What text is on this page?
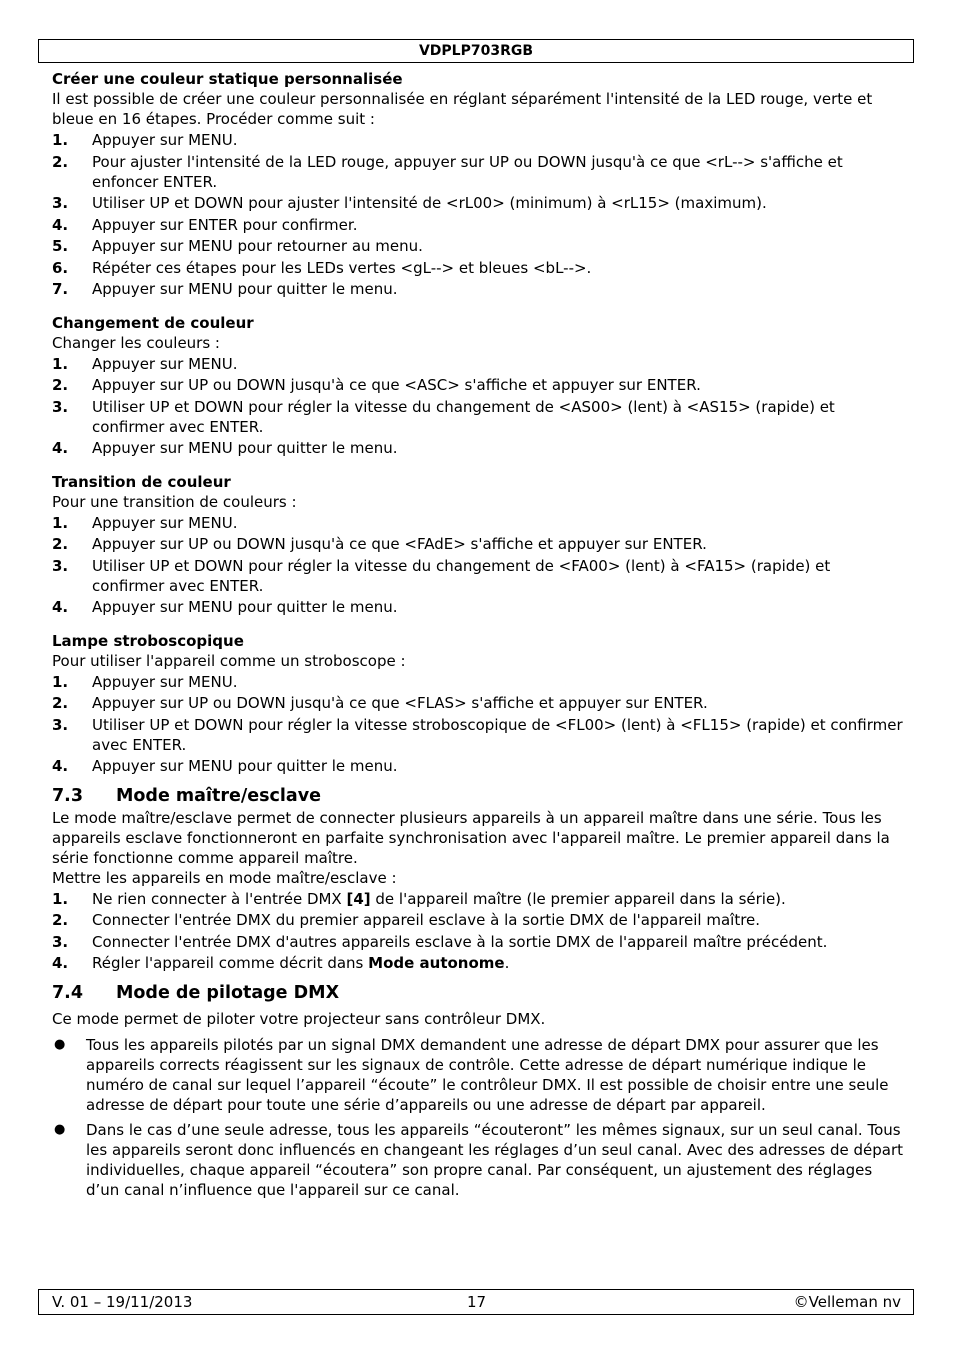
VDPLP703RGB

Créer une couleur statique personnalisée

Il est possible de créer une couleur personnalisée en réglant séparément l'intensité de la LED rouge, verte et bleue en 16 étapes. Procéder comme suit :

1.	Appuyer sur MENU.
2.	Pour ajuster l'intensité de la LED rouge, appuyer sur UP ou DOWN jusqu'à ce que <rL--> s'affiche et enfoncer ENTER.
3.	Utiliser UP et DOWN pour ajuster l'intensité de <rL00> (minimum) à <rL15> (maximum).
4.	Appuyer sur ENTER pour confirmer.
5.	Appuyer sur MENU pour retourner au menu.
6.	Répéter ces étapes pour les LEDs vertes <gL--> et bleues <bL-->.
7.	Appuyer sur MENU pour quitter le menu.

Changement de couleur

Changer les couleurs :

1.	Appuyer sur MENU.
2.	Appuyer sur UP ou DOWN jusqu'à ce que <ASC> s'affiche et appuyer sur ENTER.
3.	Utiliser UP et DOWN pour régler la vitesse du changement de <AS00> (lent) à <AS15> (rapide) et confirmer avec ENTER.
4.	Appuyer sur MENU pour quitter le menu.

Transition de couleur

Pour une transition de couleurs :

1.	Appuyer sur MENU.
2.	Appuyer sur UP ou DOWN jusqu'à ce que <FAdE> s'affiche et appuyer sur ENTER.
3.	Utiliser UP et DOWN pour régler la vitesse du changement de <FA00> (lent) à <FA15> (rapide) et confirmer avec ENTER.
4.	Appuyer sur MENU pour quitter le menu.

Lampe stroboscopique

Pour utiliser l'appareil comme un stroboscope :

1.	Appuyer sur MENU.
2.	Appuyer sur UP ou DOWN jusqu'à ce que <FLAS> s'affiche et appuyer sur ENTER.
3.	Utiliser UP et DOWN pour régler la vitesse stroboscopique de <FL00> (lent) à <FL15> (rapide) et confirmer avec ENTER.
4.	Appuyer sur MENU pour quitter le menu.

7.3 Mode maître/esclave

Le mode maître/esclave permet de connecter plusieurs appareils à un appareil maître dans une série. Tous les appareils esclave fonctionneront en parfaite synchronisation avec l'appareil maître. Le premier appareil dans la série fonctionne comme appareil maître.

Mettre les appareils en mode maître/esclave :

1.	Ne rien connecter à l'entrée DMX [4] de l'appareil maître (le premier appareil dans la série).
2.	Connecter l'entrée DMX du premier appareil esclave à la sortie DMX de l'appareil maître.
3.	Connecter l'entrée DMX d'autres appareils esclave à la sortie DMX de l'appareil maître précédent.
4.	Régler l'appareil comme décrit dans Mode autonome.

7.4 Mode de pilotage DMX

Ce mode permet de piloter votre projecteur sans contrôleur DMX.

●	Tous les appareils pilotés par un signal DMX demandent une adresse de départ DMX pour assurer que les appareils corrects réagissent sur les signaux de contrôle. Cette adresse de départ numérique indique le numéro de canal sur lequel l’appareil “écoute” le contrôleur DMX. Il est possible de choisir entre une seule adresse de départ pour toute une série d’appareils ou une adresse de départ par appareil.
●	Dans le cas d’une seule adresse, tous les appareils “écouteront” les mêmes signaux, sur un seul canal. Tous les appareils seront donc influencés en changeant les réglages d’un seul canal. Avec des adresses de départ individuelles, chaque appareil “écoutera” son propre canal. Par conséquent, un ajustement des réglages d’un canal n’influence que l'appareil sur ce canal.
V. 01 – 19/11/2013	17	©Velleman nv
